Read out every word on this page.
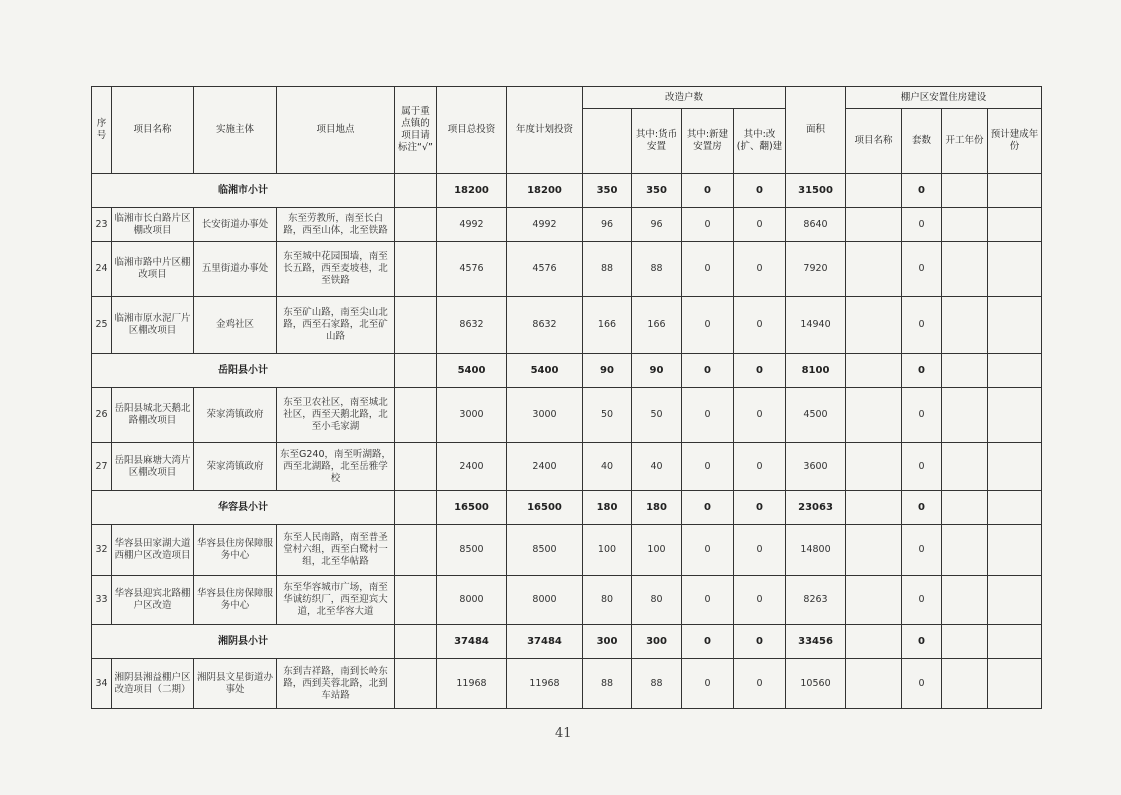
序号	项目名称	实施主体	项目地点	属于重点镇的项目请标注“√”	项目总投资	年度计划投资	改造户数				面积	棚户区安置住房建设			
								其中:货币安置	其中:新建安置房	其中:改(扩、翻)建		项目名称	套数	开工年份	预计建成年份
临湘市小计					18200	18200	350	350	0	0	31500		0		
23	临湘市长白路片区棚改项目	长安街道办事处	东至劳教所，南至长白路，西至山体，北至铁路		4992	4992	96	96	0	0	8640		0		
24	临湘市路中片区棚改项目	五里街道办事处	东至城中花园围墙，南至长五路，西至麦坡巷，北至铁路		4576	4576	88	88	0	0	7920		0		
25	临湘市原水泥厂片区棚改项目	金鸡社区	东至矿山路，南至尖山北路，西至石家路，北至矿山路		8632	8632	166	166	0	0	14940		0		
岳阳县小计					5400	5400	90	90	0	0	8100		0		
26	岳阳县城北天鹅北路棚改项目	荣家湾镇政府	东至卫农社区，南至城北社区，西至天鹅北路，北至小毛家湖		3000	3000	50	50	0	0	4500		0		
27	岳阳县麻塘大湾片区棚改项目	荣家湾镇政府	东至G240，南至听湖路，西至北湖路，北至岳雅学校		2400	2400	40	40	0	0	3600		0		
华容县小计					16500	16500	180	180	0	0	23063		0		
32	华容县田家湖大道西棚户区改造项目	华容县住房保障服务中心	东至人民南路，南至普圣堂村六组，西至白鹭村一组，北至华帖路		8500	8500	100	100	0	0	14800		0		
33	华容县迎宾北路棚户区改造	华容县住房保障服务中心	东至华容城市广场，南至华诚纺织厂，西至迎宾大道，北至华容大道		8000	8000	80	80	0	0	8263		0		
湘阴县小计					37484	37484	300	300	0	0	33456		0		
34	湘阴县湘益棚户区改造项目（二期）	湘阴县文星街道办事处	东到吉祥路，南到长岭东路，西到芙蓉北路，北到车站路		11968	11968	88	88	0	0	10560		0		
41
